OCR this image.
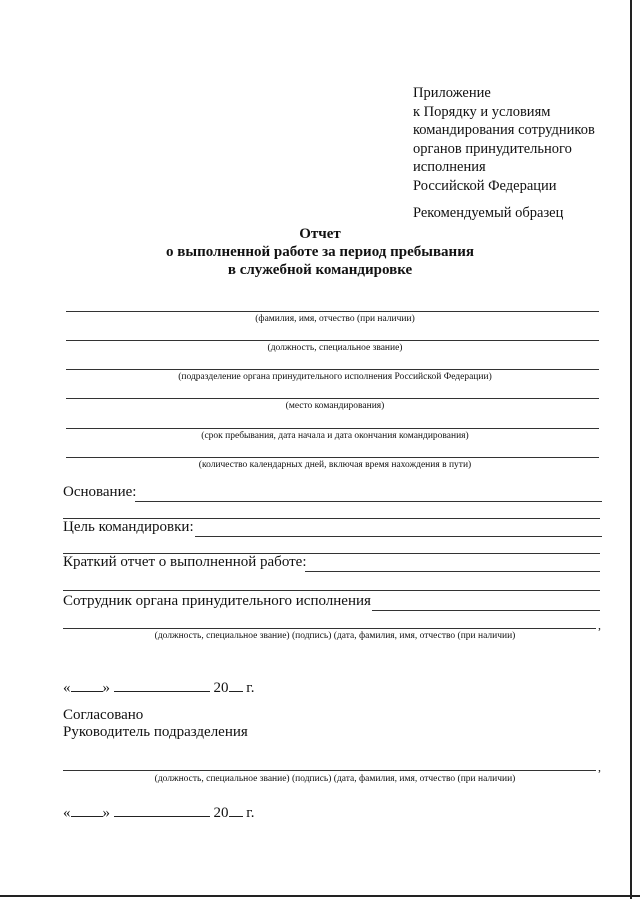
Приложение
к Порядку и условиям
командирования сотрудников
органов принудительного
исполнения
Российской Федерации
Рекомендуемый образец
Отчет
о выполненной работе за период пребывания
в служебной командировке
(фамилия, имя, отчество (при наличии)
(должность, специальное звание)
(подразделение органа принудительного исполнения Российской Федерации)
(место командирования)
(срок пребывания, дата начала и дата окончания командирования)
(количество календарных дней, включая время нахождения в пути)
Основание:
Цель командировки:
Краткий отчет о выполненной работе:
Сотрудник органа принудительного исполнения
,
(должность, специальное звание) (подпись) (дата, фамилия, имя, отчество (при наличии)
« »	20 г.
Согласовано
Руководитель подразделения
,
(должность, специальное звание) (подпись) (дата, фамилия, имя, отчество (при наличии)
« »	20 г.
